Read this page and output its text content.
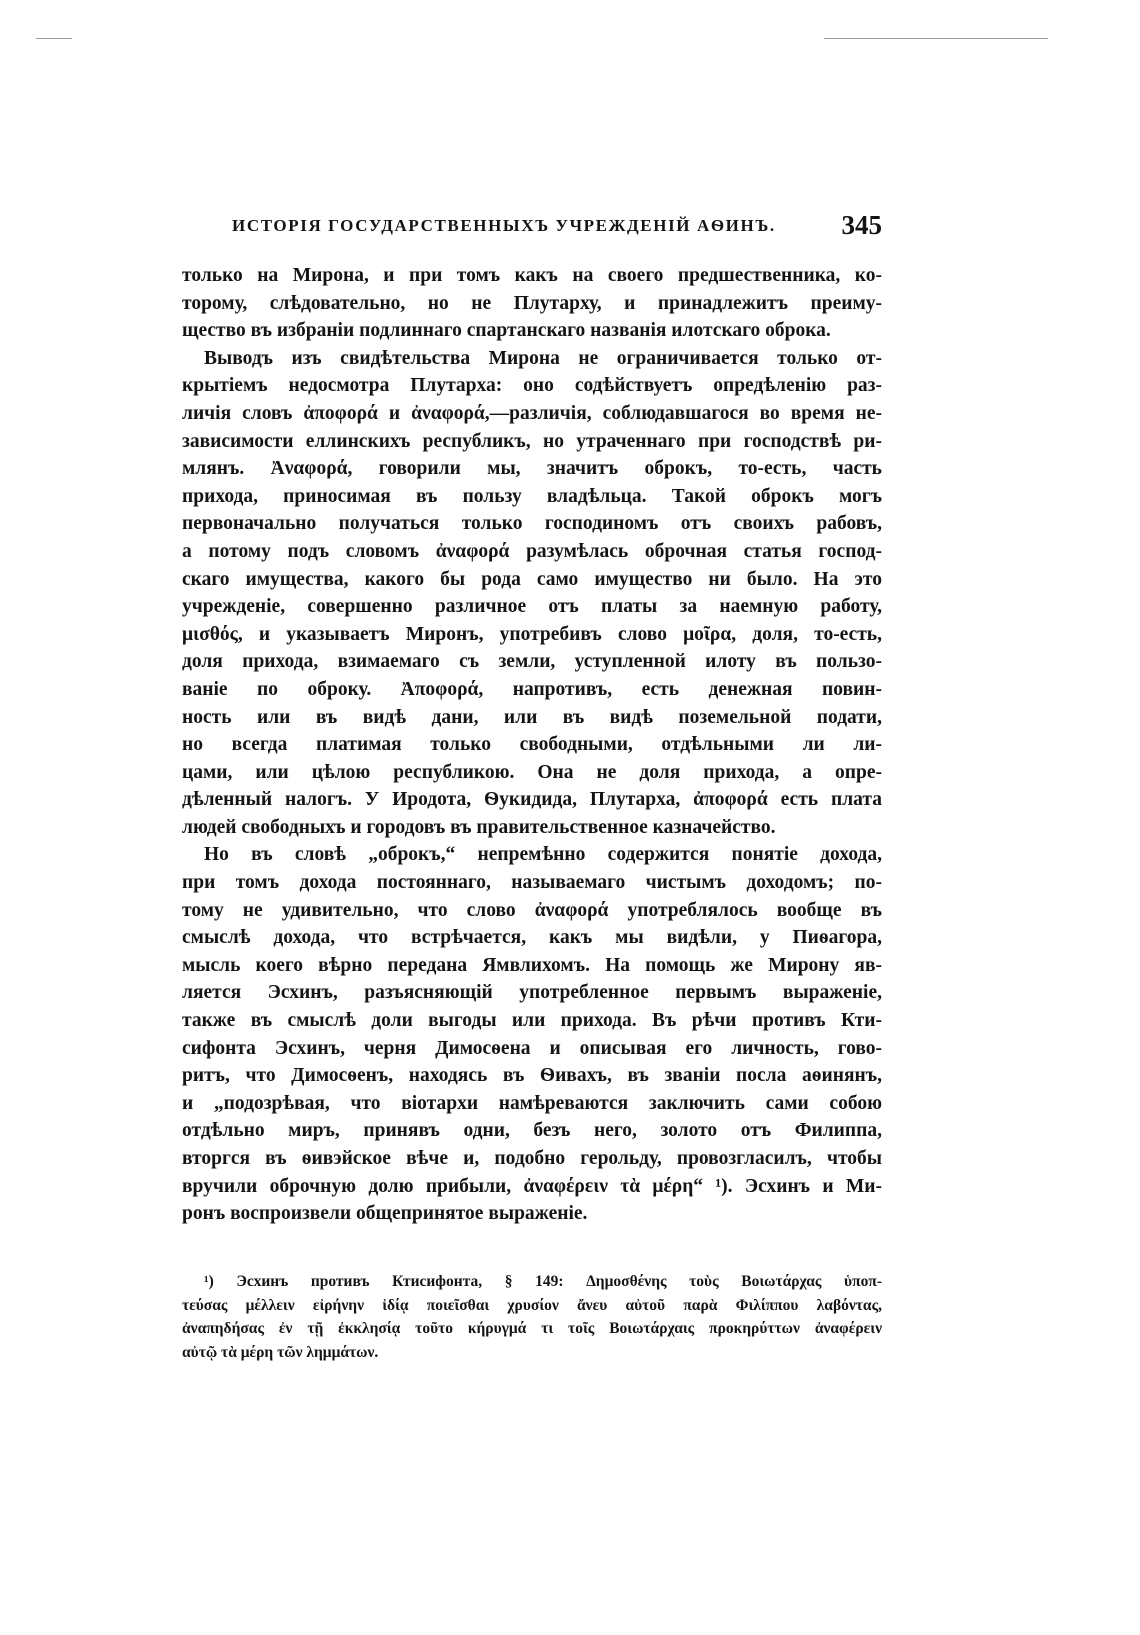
ИСТОРІЯ ГОСУДАРСТВЕННЫХЪ УЧРЕЖДЕНІЙ АѲИНЪ. 345
только на Мирона, и при томъ какъ на своего предшественника, ко-
торому, слѣдовательно, но не Плутарху, и принадлежитъ преиму-
щество въ избраніи подлиннаго спартанскаго названія илотскаго оброка.
Выводъ изъ свидѣтельства Мирона не ограничивается только от-
крытіемъ недосмотра Плутарха: оно содѣйствуетъ опредѣленію раз-
личія словъ ἀποφορά и ἀναφορά,—различія, соблюдавшагося во время не-
зависимости еллинскихъ республикъ, но утраченнаго при господствѣ ри-
млянъ. Ἀναφορά, говорили мы, значитъ оброкъ, то-есть, часть
прихода, приносимая въ пользу владѣльца. Такой оброкъ могъ
первоначально получаться только господиномъ отъ своихъ рабовъ,
а потому подъ словомъ ἀναφορά разумѣлась оброчная статья господ-
скаго имущества, какого бы рода само имущество ни было. На это
учрежденіе, совершенно различное отъ платы за наемную работу,
μισθός, и указываетъ Миронъ, употребивъ слово μοῖρα, доля, то-есть,
доля прихода, взимаемаго съ земли, уступленной илоту въ пользо-
ваніе по оброку. Ἀποφορά, напротивъ, есть денежная повин-
ность или въ видѣ дани, или въ видѣ поземельной подати,
но всегда платимая только свободными, отдѣльными ли ли-
цами, или цѣлою республикою. Она не доля прихода, а опре-
дѣленный налогъ. У Иродота, Ѳукидида, Плутарха, ἀποφορά есть плата
людей свободныхъ и городовъ въ правительственное казначейство.
Но въ словѣ „оброкъ,“ непремѣнно содержится понятіе дохода,
при томъ дохода постояннаго, называемаго чистымъ доходомъ; по-
тому не удивительно, что слово ἀναφορά употреблялось вообще въ
смыслѣ дохода, что встрѣчается, какъ мы видѣли, у Пиѳагора,
мысль коего вѣрно передана Ямвлихомъ. На помощь же Мирону яв-
ляется Эсхинъ, разъясняющій употребленное первымъ выраженіе,
также въ смыслѣ доли выгоды или прихода. Въ рѣчи противъ Кти-
сифонта Эсхинъ, черня Димосѳена и описывая его личность, гово-
ритъ, что Димосѳенъ, находясь въ Ѳивахъ, въ званіи посла аѳинянъ,
и „подозрѣвая, что віотархи намѣреваются заключить сами собою
отдѣльно миръ, принявъ одни, безъ него, золото отъ Филиппа,
вторгся въ ѳивэйское вѣче и, подобно герольду, провозгласилъ, чтобы
вручили оброчную долю прибыли, ἀναφέρειν τὰ μέρη“ ¹). Эсхинъ и Ми-
ронъ воспроизвели общепринятое выраженіе.
¹) Эсхинъ противъ Ктисифонта, § 149: Δημοσθένης τοὺς Βοιωτάρχας ὑποπ-
τεύσας μέλλειν εἰρήνην ἰδίᾳ ποιεῖσθαι χρυσίον ἄνευ αὐτοῦ παρὰ Φιλίππου λαβόντας,
ἀναπηδήσας ἐν τῇ ἐκκλησίᾳ τοῦτο κήρυγμά τι τοῖς Βοιωτάρχαις προκηρύττων ἀναφέρειν
αὐτῷ τὰ μέρη τῶν λημμάτων.
